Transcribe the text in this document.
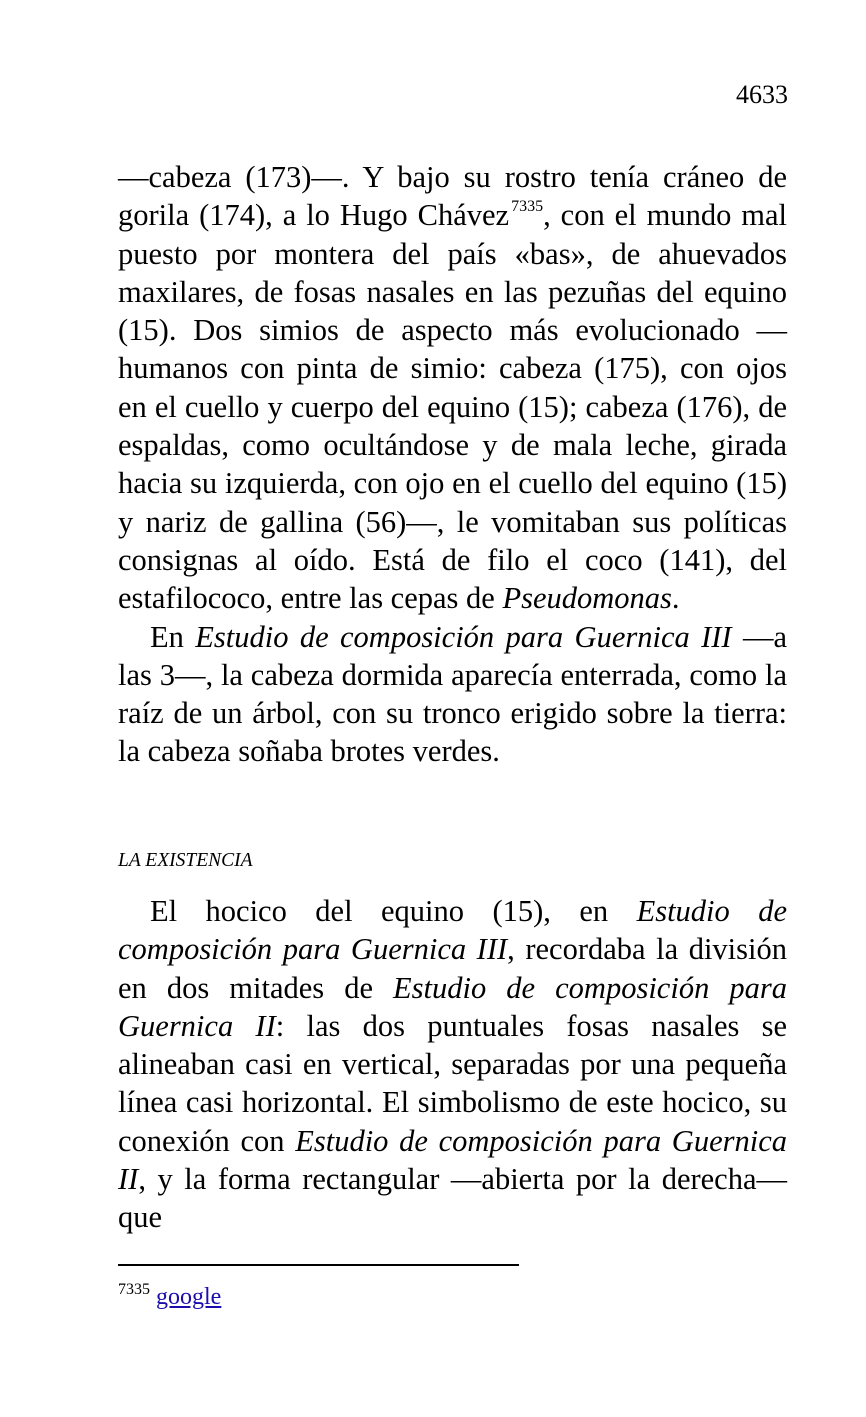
4633

—cabeza (173)—. Y bajo su rostro tenía cráneo de gorila (174), a lo Hugo Chávez $^{7335}$, con el mundo mal puesto por montera del país «bas», de ahuevados maxilares, de fosas nasales en las pezuñas del equino (15). Dos simios de aspecto más evolucionado —humanos con pinta de simio: cabeza (175), con ojos en el cuello y cuerpo del equino (15); cabeza (176), de espaldas, como ocultándose y de mala leche, girada hacia su izquierda, con ojo en el cuello del equino (15) y nariz de gallina (56)—, le vomitaban sus políticas consignas al oído. Está de filo el coco (141), del estafilococo, entre las cepas de Pseudomonas.

En Estudio de composición para Guernica III —a las 3—, la cabeza dormida aparecía enterrada, como la raíz de un árbol, con su tronco erigido sobre la tierra: la cabeza soñaba brotes verdes.

LA EXISTENCIA

El hocico del equino (15), en Estudio de composición para Guernica III, recordaba la división en dos mitades de Estudio de composición para Guernica II: las dos puntuales fosas nasales se alineaban casi en vertical, separadas por una pequeña línea casi horizontal. El simbolismo de este hocico, su conexión con Estudio de composición para Guernica II, y la forma rectangular —abierta por la derecha— que

$^{7335}$ google
